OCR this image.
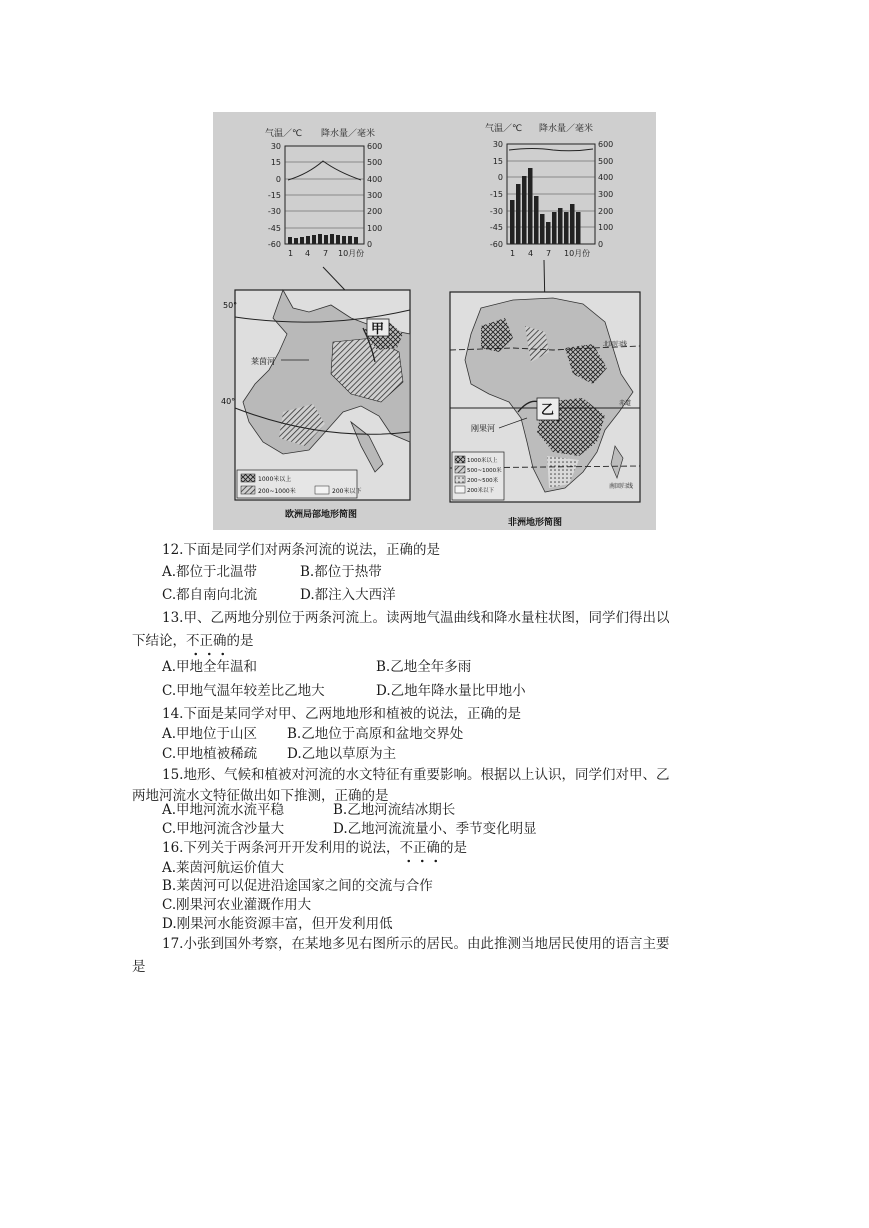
气温／℃ 降水量／毫米
30
15
0
-15
-30
-45
-60
600
500
400
300
200
100
0
1 4 7 10月份
气温／℃ 降水量／毫米
30
15
0
-15
-30
-45
-60
600
500
400
300
200
100
0
1 4 7 10月份
甲
莱茵河
50°
40°
1000米以上
200~1000米	200米以下
欧洲局部地形简图
乙
刚果河
北回归线
赤道
南回归线
1000米以上
500~1000米
200~500米
200米以下
非洲地形简图
12.下面是同学们对两条河流的说法，正确的是
A.都位于北温带	B.都位于热带
C.都自南向北流	D.都注入大西洋
13.甲、乙两地分别位于两条河流上。读两地气温曲线和降水量柱状图，同学们得出以
下结论，不正确
的是
A.甲地全年温和	B.乙地全年多雨
C.甲地气温年较差比乙地大	D.乙地年降水量比甲地小
14.下面是某同学对甲、乙两地地形和植被的说法，正确的是
A.甲地位于山区 B.乙地位于高原和盆地交界处
C.甲地植被稀疏 D.乙地以草原为主
15.地形、气候和植被对河流的水文特征有重要影响。根据以上认识，同学们对甲、乙
两地河流水文特征做出如下推测，正确的是
A.甲地河流水流平稳	B.乙地河流结冰期长
C.甲地河流含沙量大	D.乙地河流流量小、季节变化明显
16.下列关于两条河开开发利用的说法，不正确
的是
A.莱茵河航运价值大
B.莱茵河可以促进沿途国家之间的交流与合作
C.刚果河农业灌溉作用大
D.刚果河水能资源丰富，但开发利用低
17.小张到国外考察，在某地多见右图所示的居民。由此推测当地居民使用的语言主要
是
